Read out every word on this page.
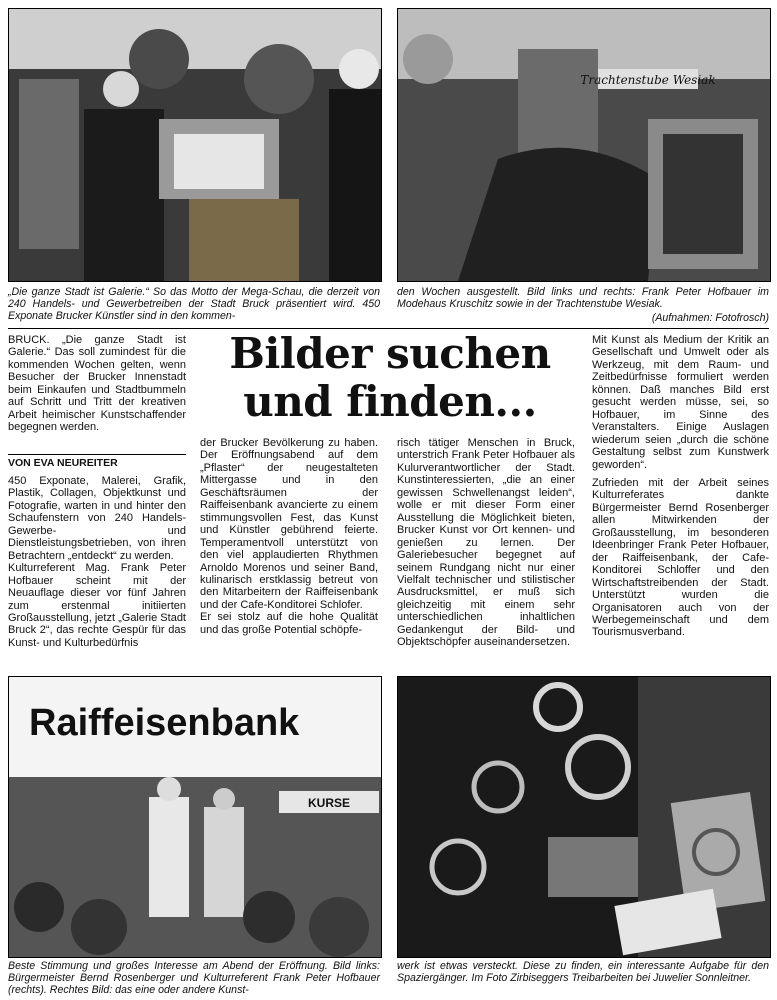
Trachtenstube Wesiak

„Die ganze Stadt ist Galerie.“ So das Motto der Mega-Schau, die derzeit von 240 Handels- und Gewerbetreiben der Stadt Bruck präsentiert wird. 450 Exponate Brucker Künstler sind in den kommen-

den Wochen ausgestellt. Bild links und rechts: Frank Peter Hofbauer im Modehaus Kruschitz sowie in der Trachtenstube Wesiak.

(Aufnahmen: Fotofrosch)

BRUCK. „Die ganze Stadt ist Galerie.“ Das soll zumindest für die kommenden Wochen gelten, wenn Besucher der Brucker Innenstadt beim Einkaufen und Stadtbummeln auf Schritt und Tritt der kreativen Arbeit heimischer Kunstschaffender begegnen werden.

VON EVA NEUREITER

450 Exponate, Malerei, Grafik, Plastik, Collagen, Objektkunst und Fotografie, warten in und hinter den Schaufenstern von 240 Handels- Gewerbe- und Dienstleistungsbetrieben, von ihren Betrachtern „entdeckt“ zu werden.

Kulturreferent Mag. Frank Peter Hofbauer scheint mit der Neuauflage dieser vor fünf Jahren zum erstenmal initiierten Großausstellung, jetzt „Galerie Stadt Bruck 2“, das rechte Gespür für das Kunst- und Kulturbedürfnis

Bilder suchen und finden...

der Brucker Bevölkerung zu haben. Der Eröffnungsabend auf dem „Pflaster“ der neugestalteten Mittergasse und in den Geschäftsräumen der Raiffeisenbank avancierte zu einem stimmungsvollen Fest, das Kunst und Künstler gebührend feierte. Temperamentvoll unterstützt von den viel applaudierten Rhythmen Arnoldo Morenos und seiner Band, kulinarisch erstklassig betreut von den Mitarbeitern der Raiffeisenbank und der Cafe-Konditorei Schlofer.

Er sei stolz auf die hohe Qualität und das große Potential schöpfe-

risch tätiger Menschen in Bruck, unterstrich Frank Peter Hofbauer als Kulurverantwortlicher der Stadt. Kunstinteressierten, „die an einer gewissen Schwellenangst leiden“, wolle er mit dieser Form einer Ausstellung die Möglichkeit bieten, Brucker Kunst vor Ort kennen- und genießen zu lernen. Der Galeriebesucher begegnet auf seinem Rundgang nicht nur einer Vielfalt technischer und stilistischer Ausdrucksmittel, er muß sich gleichzeitig mit einem sehr unterschiedlichen inhaltlichen Gedankengut der Bild- und Objektschöpfer auseinandersetzen.

Mit Kunst als Medium der Kritik an Gesellschaft und Umwelt oder als Werkzeug, mit dem Raum- und Zeitbedürfnisse formuliert werden können. Daß manches Bild erst gesucht werden müsse, sei, so Hofbauer, im Sinne des Veranstalters. Einige Auslagen wiederum seien „durch die schöne Gestaltung selbst zum Kunstwerk geworden“.

Zufrieden mit der Arbeit seines Kulturreferates dankte Bürgermeister Bernd Rosenberger allen Mitwirkenden der Großausstellung, im besonderen Ideenbringer Frank Peter Hofbauer, der Raiffeisenbank, der Cafe-Konditorei Schloffer und den Wirtschaftstreibenden der Stadt. Unterstützt wurden die Organisatoren auch von der Werbegemeinschaft und dem Tourismusverband.

Raiffeisenbank
KURSE

Beste Stimmung und großes Interesse am Abend der Eröffnung. Bild links: Bürgermeister Bernd Rosenberger und Kulturreferent Frank Peter Hofbauer (rechts). Rechtes Bild: das eine oder andere Kunst-

werk ist etwas versteckt. Diese zu finden, ein interessante Aufgabe für den Spaziergänger. Im Foto Zirbiseggers Treibarbeiten bei Juwelier Sonnleitner.
